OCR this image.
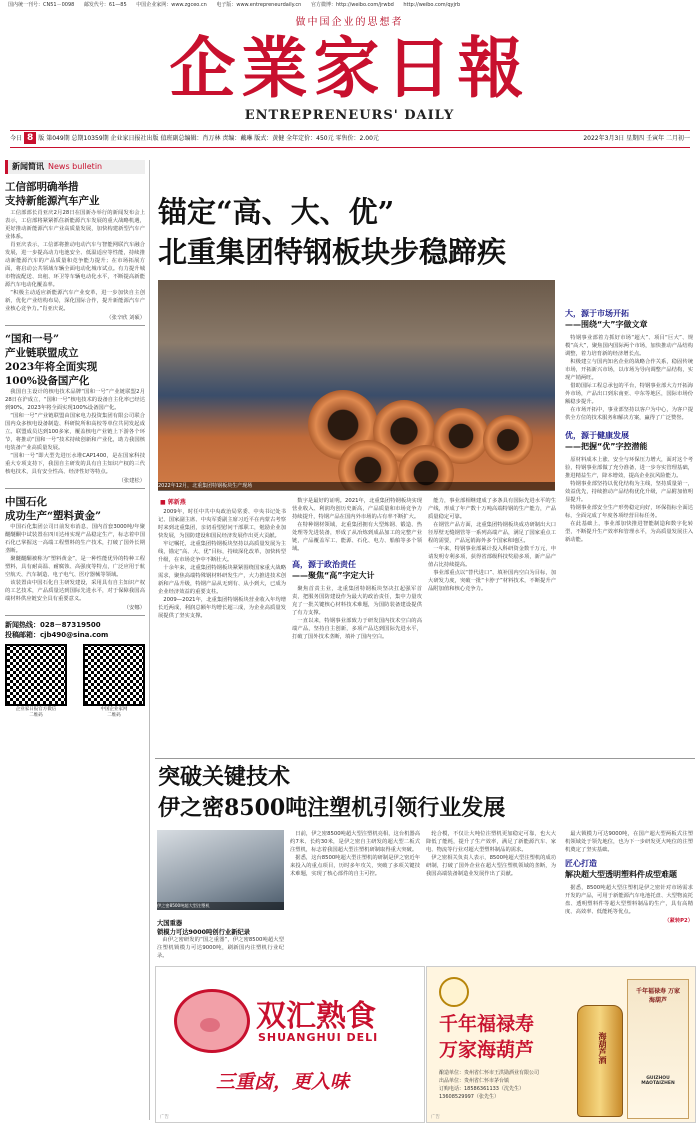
国内统一刊号：CN51－0098 邮发代号：61—85 中国企业家网：www.zgceo.cn 电子版：www.entrepreneurdaily.cn 官方微博：http://weibo.com/jrwbd http://weibo.com/qyjrb
做中国企业的思想者
企業家日報
ENTREPRENEURS' DAILY
今日 8 版 第049期 总期10359期 企业家日报社出版 值班副总编辑：肖万林 责编：戴琳 版式：黄健 全年定价：450元 零售价：2.00元	2022年3月3日 星期四 壬寅年 二月初一
新闻简讯 News bulletin
工信部明确举措
支持新能源汽车产业

工信部部长肖亚庆2月28日在国新办举行的新闻发布会上表示，工信部将紧紧抓住新能源汽车发展的重大战略机遇，更好推动新能源汽车产业高质量发展，加快构建新型汽车产业体系。

肖亚庆表示，工信部将推动电动汽车与智能网联汽车融合发展，进一步提高动力电池安全、低温适应等性能，持续推动新能源汽车的产品质量和竞争能力提升；在市场拓展方面，将启动公共领域车辆全面电动化城市试点。有力提升城市物流配送、出租、环卫等车辆电动化水平，不断提高新能源汽车电动化覆盖率。

“积极主动适应新能源汽车产业变革，进一步加快自主创新，优化产业结构布局，深化国际合作，提升新能源汽车产业核心竞争力。”肖亚庆说。

（张辛欣 刘硕）
“国和一号”
产业链联盟成立
2023年将全面实现
100%设备国产化

我国自主设计的核电技术品牌“国和一号”产业链联盟2月28日在沪成立，“国和一号”核电技术的设备自主化率已经达到90%，2023年将全面实现100%设备国产化。

“国和一号”产业链联盟由国家电力投资集团有限公司联合国内众多核电设备制造、科研院所和高校等单位共同发起成立。联盟成员达到100多家，覆盖核电产业链上下游各个环节，将推动“国和一号”技术持续创新和产业化，助力我国核电装备产业高质量发展。

“国和一号”即大型先进压水堆CAP1400，是在国家科技重大专项支持下，我国自主研发的具有自主知识产权的三代核电技术，具有安全性高、经济性好等特点。

（张建松）
中国石化
成功生产“塑料黄金”

中国石化集团公司日前发布消息，国内首套3000吨/年聚醚醚酮中试装置在四川达州实现产品稳定生产，标志着中国石化已掌握这一高端工程塑料的生产技术，打破了国外长期垄断。

聚醚醚酮被称为“塑料黄金”，是一种性能优异的特种工程塑料，具有耐高温、耐腐蚀、高强度等特点，广泛应用于航空航天、汽车制造、电子电气、医疗器械等领域。

该装置由中国石化自主研发建设，采用具有自主知识产权的工艺技术，产品质量达到国际先进水平，对于保障我国高端材料供应链安全具有重要意义。

（安娜）
新闻热线：028－87319500
投稿邮箱：cjb490@sina.com
企业家日报官方微信
二维码
中国企业家网
二维码
锚定“高、大、优”
北重集团特钢板块步稳蹄疾
2022年12月，北重集团特钢板块生产现场
■ 郭新燕

2009年，时任中共中央政治局常委、中央书记处书记、国家副主席、中央军委副主席习近平在内蒙古考察时来到北重集团，亲切看望慰问干部职工，勉励企业加快发展，为国防建设和国民经济发展作出更大贡献。

牢记嘱托，北重集团特钢板块坚持以高质量发展为主线，锚定“高、大、优”目标，持续深化改革，加快转型升级，在市场竞争中不断壮大。

十余年来，北重集团特钢板块紧紧围绕国家重大战略需求，聚焦高端特殊钢材料研发生产，大力推进技术创新和产品升级，特钢产品从无到有、从小到大，已成为企业经济效益的重要支柱。

2009—2021年，北重集团特钢板块营业收入年均增长近两成，利润总额年均增长超三成，为企业高质量发展提供了坚实支撑。

数字是最好的证明。2021年，北重集团特钢板块实现营业收入、利润均创历史新高，产品质量和市场竞争力持续提升，特钢产品在国内外市场的占有率不断扩大。

在特种钢材领域，北重集团拥有大型炼钢、锻造、热处理等先进装备，形成了从冶炼到成品加工的完整产业链，产品覆盖军工、能源、石化、电力、船舶等多个领域。

高，源于政治责任
——聚焦“高”字定大计

聚焦首责主业，北重集团特钢板块坚决扛起强军首责，把服务国防建设作为最大的政治责任，集中力量攻克了一批关键核心材料技术难题，为国防装备建设提供了有力支撑。

一直以来，特钢事业部致力于研发国内技术空白的高端产品，坚持自主创新，多项产品达到国际先进水平，打破了国外技术垄断，填补了国内空白。

能力，事业部相继建成了多条具有国际先进水平的生产线，形成了年产数十万吨高端特钢的生产能力，产品质量稳定可靠。

在钢管产品方面，北重集团特钢板块成功研制出大口径厚壁无缝钢管等一系列高端产品，满足了国家重点工程的需要，产品远销海外多个国家和地区。

一年来，特钢事业部累计投入科研资金数千万元，申请发明专利多项，获得省部级科技奖励多项，新产品产值占比持续提高。

事业部重点以“替代进口”、填补国内空白为目标，加大研发力度，突破一批“卡脖子”材料技术，不断提升产品附加值和核心竞争力。

大，源于市场开拓
——围绕“大”字做文章

特钢事业部着力抓好市场“超大”、项目“巨大”、规模“高大”，聚焦国内国际两个市场，加快推动产品结构调整，着力培育新的经济增长点。

积极建立与国内知名企业的战略合作关系，稳固传统市场，开拓新兴市场，以市场为导向调整产品结构，实现产销两旺。

借助国际工程总承包的平台，特钢事业部大力开拓海外市场，产品出口到东南亚、中东等地区，国际市场份额稳步提升。

在市场开拓中，事业部坚持以客户为中心，为客户提供全方位的技术服务和解决方案，赢得了广泛赞誉。

优，源于健康发展
——把握“优”字控潜能

原材料成本上涨、安全与环保压力增大，面对这个考验，特钢事业部做了充分准备，进一步夯实管理基础，推进精益生产，降本增效，提高企业抗风险能力。

特钢事业部坚持以优化结构为主线，坚持质量第一，效益优先，持续推动产品结构优化升级，产品附加值明显提升。

特钢事业部安全生产形势稳定向好，环保指标全面达标，全面完成了年度各项经营目标任务。

在此基础上，事业部加快推进智能制造和数字化转型，不断提升生产效率和管理水平，为高质量发展注入新动能。

突破关键技术
伊之密8500吨注塑机引领行业发展
伊之密8500吨超大型注塑机
大国重器
锁模力可达9000吨创行业新纪录

由伊之密研发的“国之重器”，伊之密8500吨超大型注塑机锁模力可达9000吨，刷新国内注塑机行业纪录。

日前，伊之密8500吨超大型注塑机亮相，这台机器高约7米、长约30米，是伊之密自主研发的超大型二板式注塑机，标志着我国超大型注塑机研制取得重大突破。

据悉，这台8500吨超大型注塑机的研制是伊之密近年来投入的重点项目，历时多年攻关，突破了多项关键技术难题，实现了核心部件的自主可控。

轮合模，不仅让大吨位注塑机更加稳定可靠，也大大降低了能耗，提升了生产效率，满足了新能源汽车、家电、物流等行业对超大型塑料制品的需求。

伊之密相关负责人表示，8500吨超大型注塑机的成功研制，打破了国外企业在超大型注塑机领域的垄断，为我国高端装备制造业发展作出了贡献。

最大锁模力可达9000吨，在国产超大型两板式注塑机领域处于领先地位，也为下一步研发更大吨位的注塑机奠定了坚实基础。

匠心打造
解决超大型透明塑料件成型难题

据悉，8500吨超大型注塑机是伊之密针对市场需求开发的产品，可用于新能源汽车电池托盘、大型物流托盘、透明塑料件等超大型塑料制品的生产，具有高精度、高效率、低能耗等优点。

（紧转P2）
双汇熟食
SHUANGHUI DELI
三重卤，更入味
广告
千年福禄寿
万家海葫芦
酿造单位：贵州省仁怀市王洪勋酒业有限公司
出品单位：贵州省仁怀市茅台镇
订购电话：18586361133（沈先生）
13608529997（张先生）
海葫芦酒
千年福禄寿 万家海葫芦
GUIZHOU MAOTAIZHEN
广告
